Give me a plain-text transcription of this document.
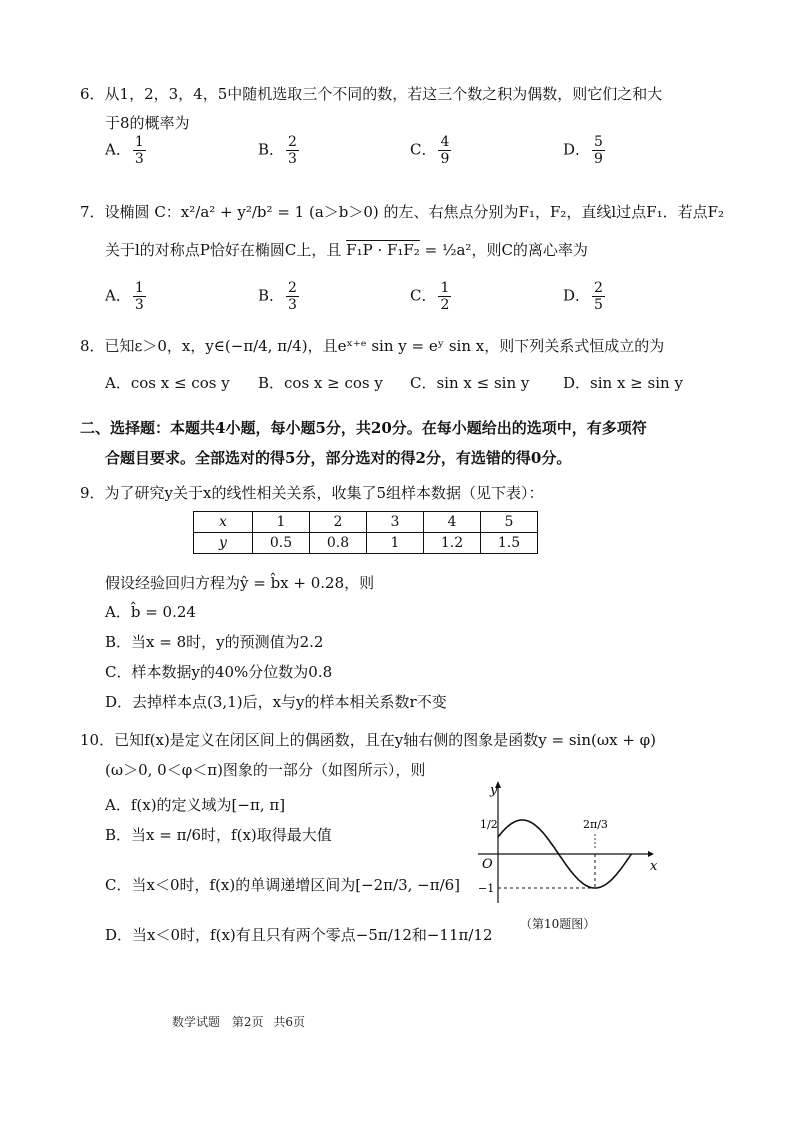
6．从1，2，3，4，5中随机选取三个不同的数，若这三个数之积为偶数，则它们之和大
于8的概率为
A． $\frac{1}{3}$	B． $\frac{2}{3}$	C． $\frac{4}{9}$	D． $\frac{5}{9}$
7．设椭圆 C：x²/a² + y²/b² = 1 (a＞b＞0) 的左、右焦点分别为F₁，F₂，直线l过点F₁．若点F₂
关于l的对称点P恰好在椭圆C上，且 F₁P · F₁F₂ = ½a²，则C的离心率为
A． $\frac{1}{3}$	B． $\frac{2}{3}$	C． $\frac{1}{2}$	D． $\frac{2}{5}$
8．已知ε＞0，x，y∈(−π/4, π/4)，且eˣ⁺ᵉ sin y = eʸ sin x，则下列关系式恒成立的为
A．cos x ≤ cos y B．cos x ≥ cos y C．sin x ≤ sin y D．sin x ≥ sin y
二、选择题：本题共4小题，每小题5分，共20分。在每小题给出的选项中，有多项符
合题目要求。全部选对的得5分，部分选对的得2分，有选错的得0分。
9．为了研究y关于x的线性相关关系，收集了5组样本数据（见下表）：
x	1	2	3	4	5
y	0.5	0.8	1	1.2	1.5
假设经验回归方程为ŷ = b̂x + 0.28，则
A．b̂ = 0.24
B．当x = 8时，y的预测值为2.2
C．样本数据y的40%分位数为0.8
D．去掉样本点(3,1)后，x与y的样本相关系数r不变
10．已知f(x)是定义在闭区间上的偶函数，且在y轴右侧的图象是函数y = sin(ωx + φ)
(ω＞0, 0＜φ＜π)图象的一部分（如图所示），则
A．f(x)的定义域为[−π, π]
B．当x = π/6时，f(x)取得最大值
C．当x＜0时，f(x)的单调递增区间为[−2π/3, −π/6]
D．当x＜0时，f(x)有且只有两个零点−5π/12和−11π/12
y
x
O
1/2
−1
2π/3
（第10题图）
数学试题 第2页 共6页
